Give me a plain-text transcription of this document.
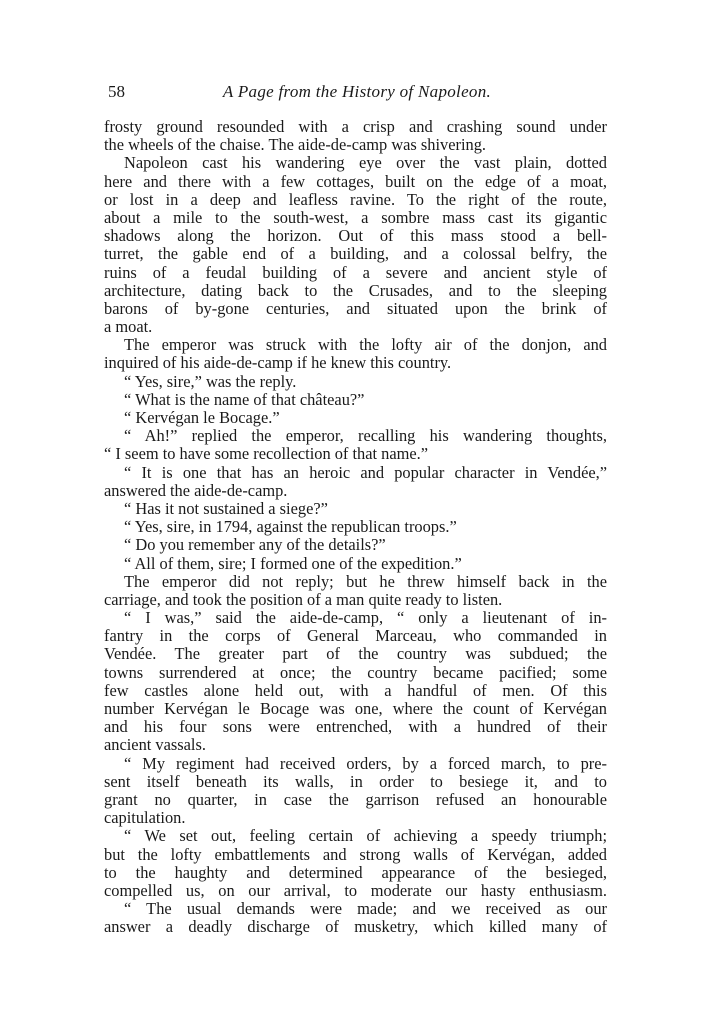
58	A Page from the History of Napoleon.
frosty ground resounded with a crisp and crashing sound under
the wheels of the chaise. The aide-de-camp was shivering.
Napoleon cast his wandering eye over the vast plain, dotted
here and there with a few cottages, built on the edge of a moat,
or lost in a deep and leafless ravine. To the right of the route,
about a mile to the south-west, a sombre mass cast its gigantic
shadows along the horizon. Out of this mass stood a bell-
turret, the gable end of a building, and a colossal belfry, the
ruins of a feudal building of a severe and ancient style of
architecture, dating back to the Crusades, and to the sleeping
barons of by-gone centuries, and situated upon the brink of
a moat.
The emperor was struck with the lofty air of the donjon, and
inquired of his aide-de-camp if he knew this country.
“ Yes, sire,” was the reply.
“ What is the name of that château?”
“ Kervégan le Bocage.”
“ Ah!” replied the emperor, recalling his wandering thoughts,
“ I seem to have some recollection of that name.”
“ It is one that has an heroic and popular character in Vendée,”
answered the aide-de-camp.
“ Has it not sustained a siege?”
“ Yes, sire, in 1794, against the republican troops.”
“ Do you remember any of the details?”
“ All of them, sire; I formed one of the expedition.”
The emperor did not reply; but he threw himself back in the
carriage, and took the position of a man quite ready to listen.
“ I was,” said the aide-de-camp, “ only a lieutenant of in-
fantry in the corps of General Marceau, who commanded in
Vendée. The greater part of the country was subdued; the
towns surrendered at once; the country became pacified; some
few castles alone held out, with a handful of men. Of this
number Kervégan le Bocage was one, where the count of Kervégan
and his four sons were entrenched, with a hundred of their
ancient vassals.
“ My regiment had received orders, by a forced march, to pre-
sent itself beneath its walls, in order to besiege it, and to
grant no quarter, in case the garrison refused an honourable
capitulation.
“ We set out, feeling certain of achieving a speedy triumph;
but the lofty embattlements and strong walls of Kervégan, added
to the haughty and determined appearance of the besieged,
compelled us, on our arrival, to moderate our hasty enthusiasm.
“ The usual demands were made; and we received as our
answer a deadly discharge of musketry, which killed many of
